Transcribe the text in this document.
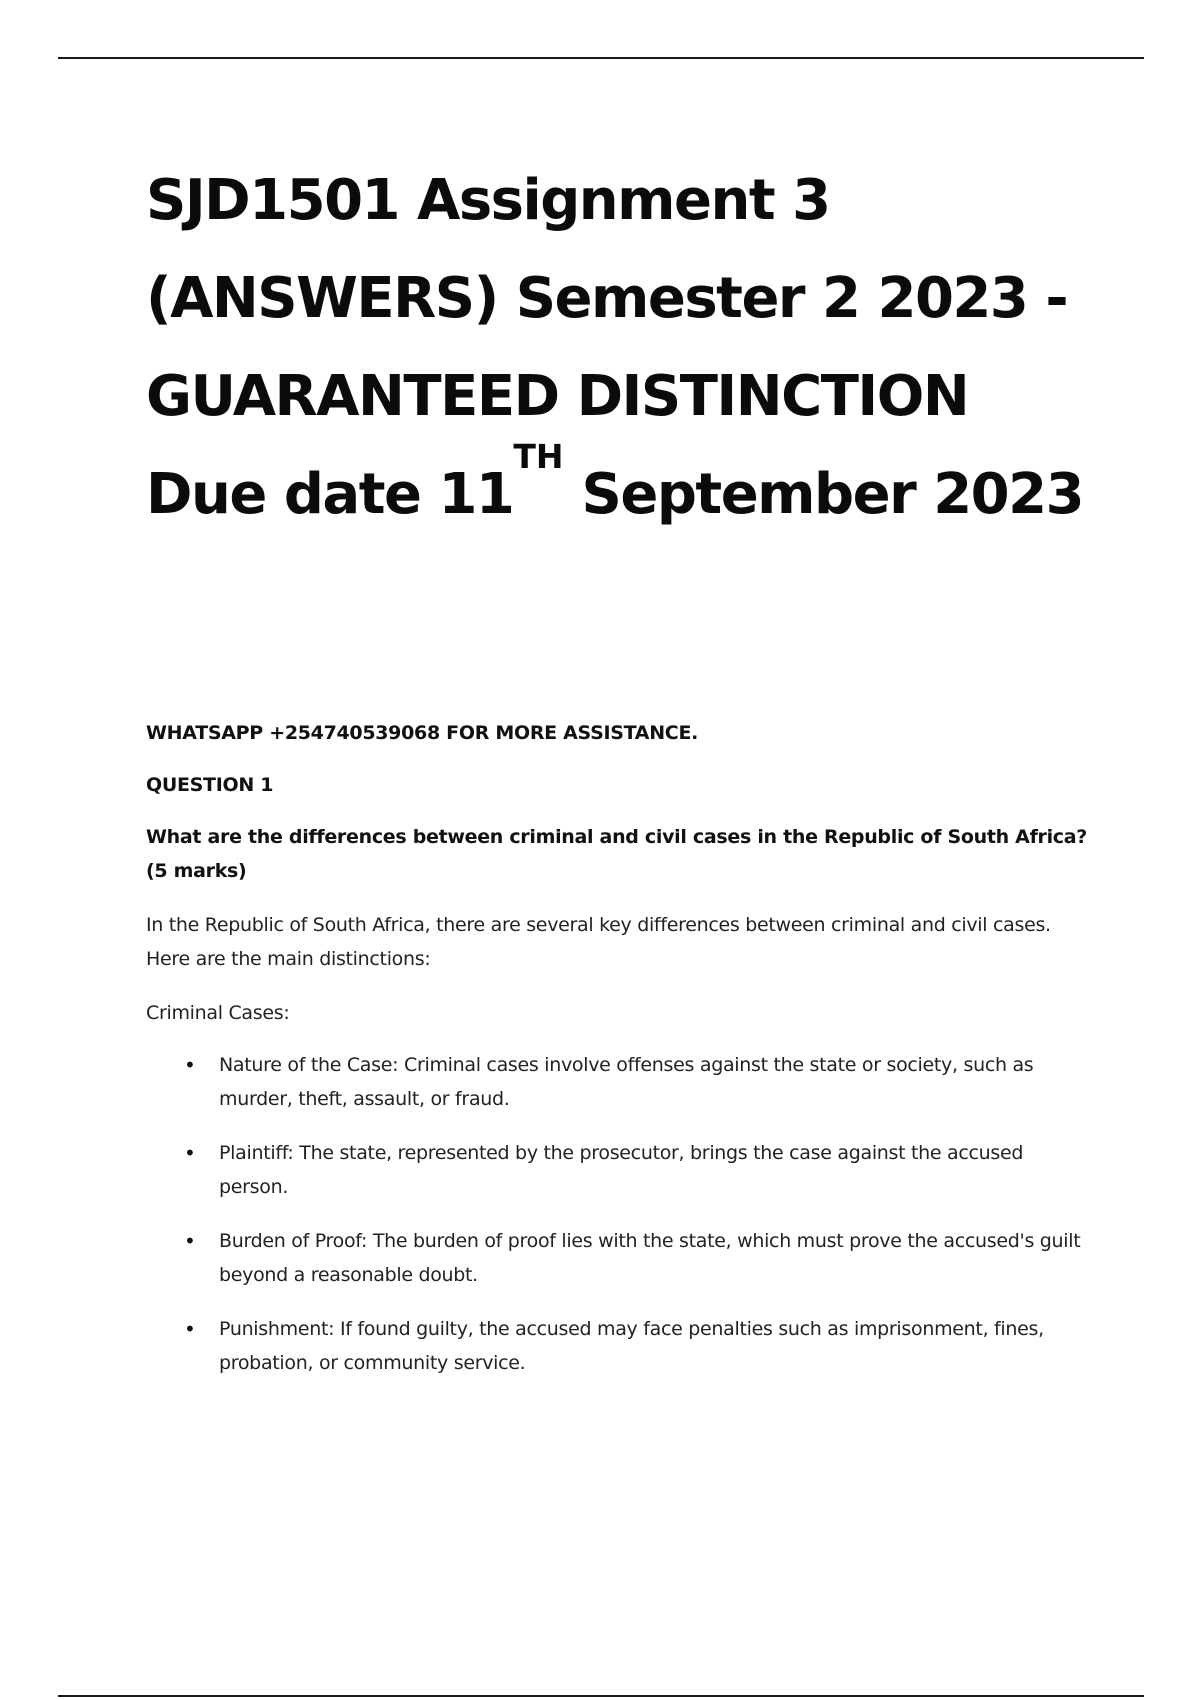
SJD1501 Assignment 3
(ANSWERS) Semester 2 2023 -
GUARANTEED DISTINCTION
Due date 11TH September 2023

WHATSAPP +254740539068 FOR MORE ASSISTANCE.

QUESTION 1

What are the differences between criminal and civil cases in the Republic of South Africa? (5 marks)

In the Republic of South Africa, there are several key differences between criminal and civil cases. Here are the main distinctions:

Criminal Cases:

• Nature of the Case: Criminal cases involve offenses against the state or society, such as murder, theft, assault, or fraud.
• Plaintiff: The state, represented by the prosecutor, brings the case against the accused person.
• Burden of Proof: The burden of proof lies with the state, which must prove the accused's guilt beyond a reasonable doubt.
• Punishment: If found guilty, the accused may face penalties such as imprisonment, fines, probation, or community service.
